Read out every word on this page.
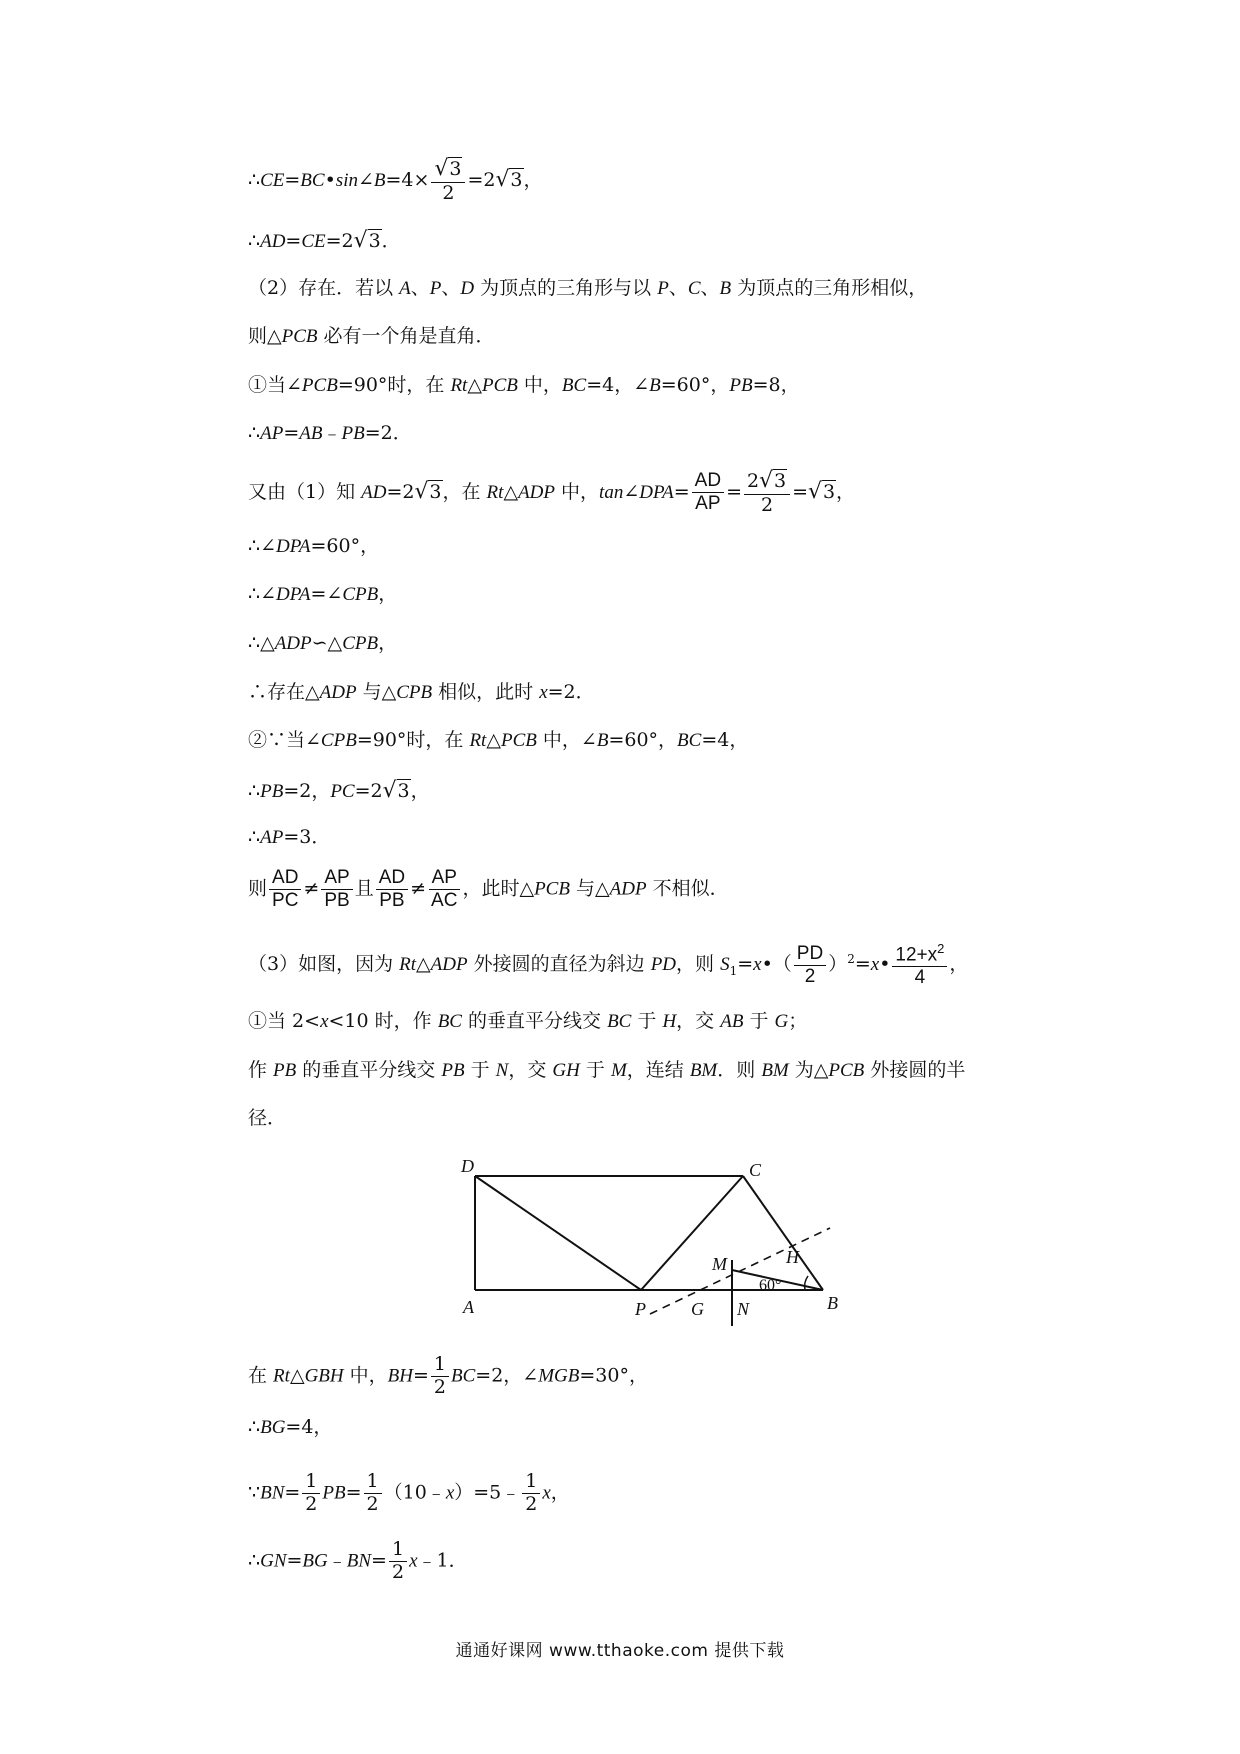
∴CE=BC•sin∠B=4× $\frac{√3}{2} =2√3$，
∴AD=CE=2√3．
（2）存在．若以 A、P、D 为顶点的三角形与以 P、C、B 为顶点的三角形相似，
则△PCB 必有一个角是直角．
①当∠PCB=90°时，在 Rt△PCB 中，BC=4，∠B=60°，PB=8，
∴AP=AB﹣PB=2．
又由（1）知 AD=2√3，在 Rt△ADP 中，tan∠DPA= $\frac{AD}{AP} = \frac{2√3}{2} =√3$，
∴∠DPA=60°，
∴∠DPA=∠CPB，
∴△ADP∽△CPB，
∴存在△ADP 与△CPB 相似，此时 x=2．
②∵当∠CPB=90°时，在 Rt△PCB 中，∠B=60°，BC=4，
∴PB=2，PC=2√3，
∴AP=3．
则 $\frac{AD}{PC} \ne \frac{AP}{PB}$ 且 $\frac{AD}{PB} \ne \frac{AP}{AC}$ ，此时△PCB 与△ADP 不相似．
（3）如图，因为 Rt△ADP 外接圆的直径为斜边 PD，则 $S_1=x•( \frac{PD}{2}$ ）$^2$=x• $\frac{12+x^2}{4}$ ，
①当 2<x<10 时，作 BC 的垂直平分线交 BC 于 H，交 AB 于 G；
作 PB 的垂直平分线交 PB 于 N，交 GH 于 M，连结 BM．则 BM 为△PCB 外接圆的半
径．
D	C
H
M
60°
A	P	G N	B
在 Rt△GBH 中，$BH= \frac{1}{2} BC=2$，∠MGB=30°，
∴BG=4，
∵BN= $\frac{1}{2} PB= \frac{1}{2}$ （10﹣x）=5﹣ $\frac{1}{2}$ x，
∴GN=BG﹣BN= $\frac{1}{2}$ x﹣1．
通通好课网 www.tthaoke.com 提供下载
